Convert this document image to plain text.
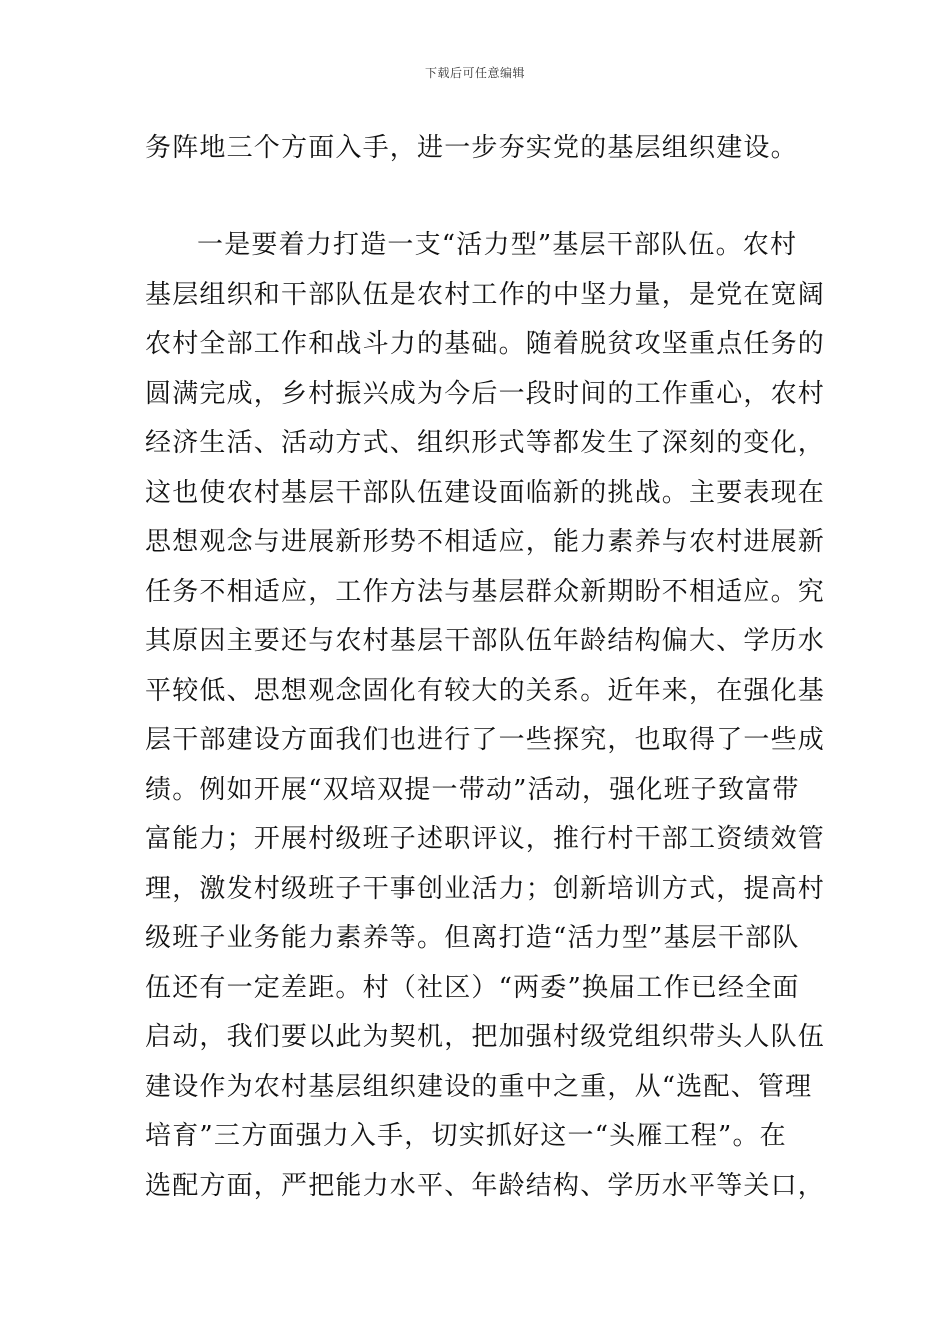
下载后可任意编辑
务阵地三个方面入手，进一步夯实党的基层组织建设。
一是要着力打造一支“活力型”基层干部队伍。农村
基层组织和干部队伍是农村工作的中坚力量，是党在宽阔
农村全部工作和战斗力的基础。随着脱贫攻坚重点任务的
圆满完成，乡村振兴成为今后一段时间的工作重心，农村
经济生活、活动方式、组织形式等都发生了深刻的变化，
这也使农村基层干部队伍建设面临新的挑战。主要表现在
思想观念与进展新形势不相适应，能力素养与农村进展新
任务不相适应，工作方法与基层群众新期盼不相适应。究
其原因主要还与农村基层干部队伍年龄结构偏大、学历水
平较低、思想观念固化有较大的关系。近年来，在强化基
层干部建设方面我们也进行了一些探究，也取得了一些成
绩。例如开展“双培双提一带动”活动，强化班子致富带
富能力；开展村级班子述职评议，推行村干部工资绩效管
理，激发村级班子干事创业活力；创新培训方式，提高村
级班子业务能力素养等。但离打造“活力型”基层干部队
伍还有一定差距。村（社区）“两委”换届工作已经全面
启动，我们要以此为契机，把加强村级党组织带头人队伍
建设作为农村基层组织建设的重中之重，从“选配、管理
培育”三方面强力入手，切实抓好这一“头雁工程”。在
选配方面，严把能力水平、年龄结构、学历水平等关口，
